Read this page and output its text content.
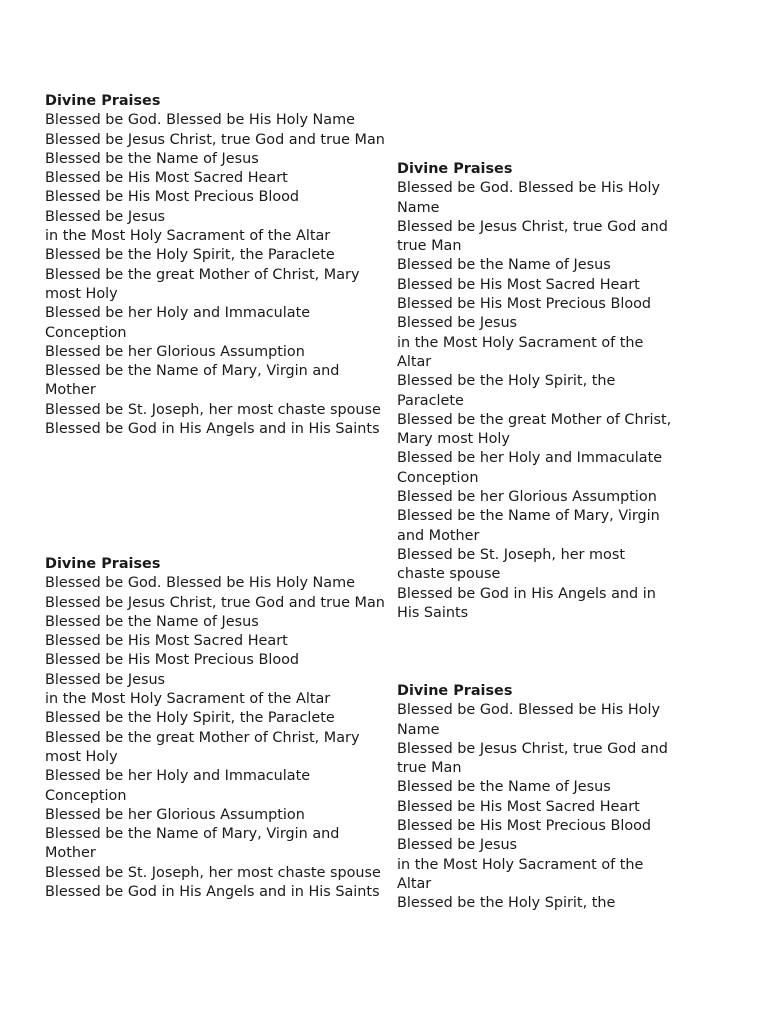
Divine Praises
Blessed be God. Blessed be His Holy Name
Blessed be Jesus Christ, true God and true Man
Blessed be the Name of Jesus
Blessed be His Most Sacred Heart
Blessed be His Most Precious Blood
Blessed be Jesus
in the Most Holy Sacrament of the Altar
Blessed be the Holy Spirit, the Paraclete
Blessed be the great Mother of Christ, Mary
most Holy
Blessed be her Holy and Immaculate
Conception
Blessed be her Glorious Assumption
Blessed be the Name of Mary, Virgin and
Mother
Blessed be St. Joseph, her most chaste spouse
Blessed be God in His Angels and in His Saints
Divine Praises
Blessed be God. Blessed be His Holy Name
Blessed be Jesus Christ, true God and true Man
Blessed be the Name of Jesus
Blessed be His Most Sacred Heart
Blessed be His Most Precious Blood
Blessed be Jesus
in the Most Holy Sacrament of the Altar
Blessed be the Holy Spirit, the Paraclete
Blessed be the great Mother of Christ, Mary
most Holy
Blessed be her Holy and Immaculate
Conception
Blessed be her Glorious Assumption
Blessed be the Name of Mary, Virgin and
Mother
Blessed be St. Joseph, her most chaste spouse
Blessed be God in His Angels and in His Saints
Divine Praises
Blessed be God. Blessed be His Holy
Name
Blessed be Jesus Christ, true God and
true Man
Blessed be the Name of Jesus
Blessed be His Most Sacred Heart
Blessed be His Most Precious Blood
Blessed be Jesus
in the Most Holy Sacrament of the
Altar
Blessed be the Holy Spirit, the
Paraclete
Blessed be the great Mother of Christ,
Mary most Holy
Blessed be her Holy and Immaculate
Conception
Blessed be her Glorious Assumption
Blessed be the Name of Mary, Virgin
and Mother
Blessed be St. Joseph, her most
chaste spouse
Blessed be God in His Angels and in
His Saints
Divine Praises
Blessed be God. Blessed be His Holy
Name
Blessed be Jesus Christ, true God and
true Man
Blessed be the Name of Jesus
Blessed be His Most Sacred Heart
Blessed be His Most Precious Blood
Blessed be Jesus
in the Most Holy Sacrament of the
Altar
Blessed be the Holy Spirit, the
